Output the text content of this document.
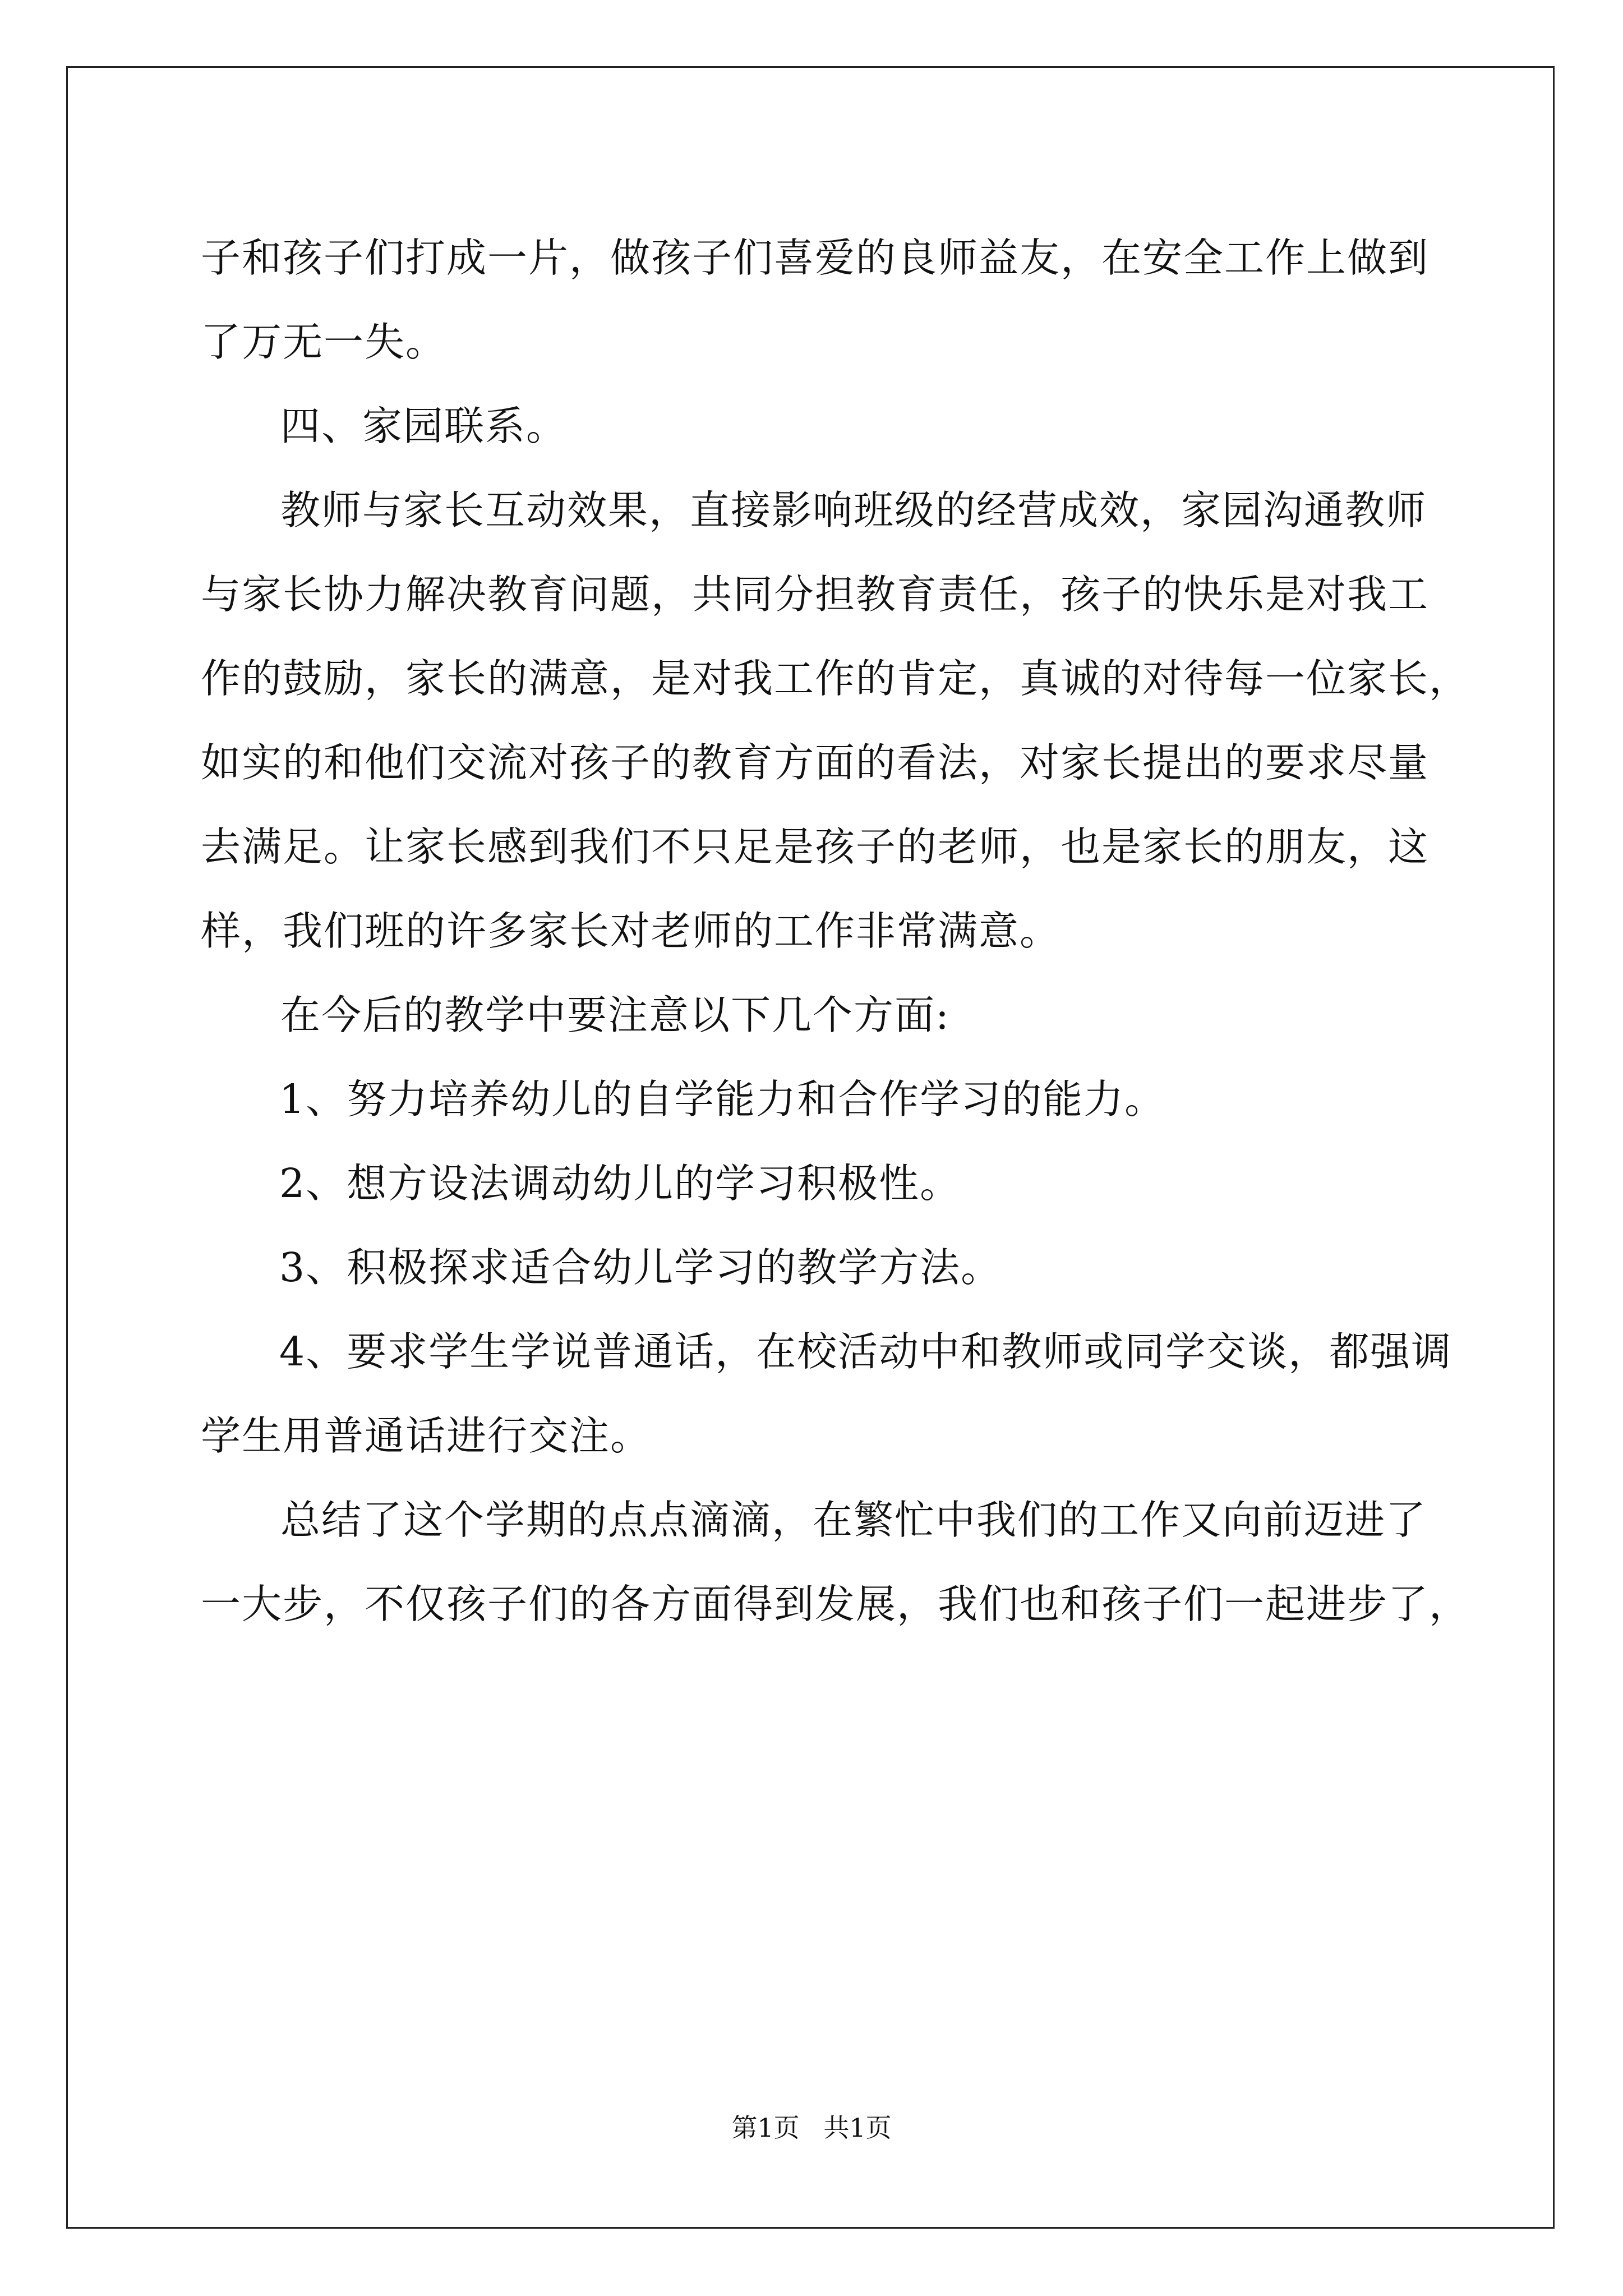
子和孩子们打成一片，做孩子们喜爱的良师益友，在安全工作上做到

了万无一失。

四、家园联系。

教师与家长互动效果，直接影响班级的经营成效，家园沟通教师

与家长协力解决教育问题，共同分担教育责任，孩子的快乐是对我工

作的鼓励，家长的满意，是对我工作的肯定，真诚的对待每一位家长，

如实的和他们交流对孩子的教育方面的看法，对家长提出的要求尽量

去满足。让家长感到我们不只足是孩子的老师，也是家长的朋友，这

样，我们班的许多家长对老师的工作非常满意。

在今后的教学中要注意以下几个方面:

1、努力培养幼儿的自学能力和合作学习的能力。

2、想方设法调动幼儿的学习积极性。

3、积极探求适合幼儿学习的教学方法。

4、要求学生学说普通话，在校活动中和教师或同学交谈，都强调

学生用普通话进行交注。

总结了这个学期的点点滴滴，在繁忙中我们的工作又向前迈进了

一大步，不仅孩子们的各方面得到发展，我们也和孩子们一起进步了，

第1页 共1页
